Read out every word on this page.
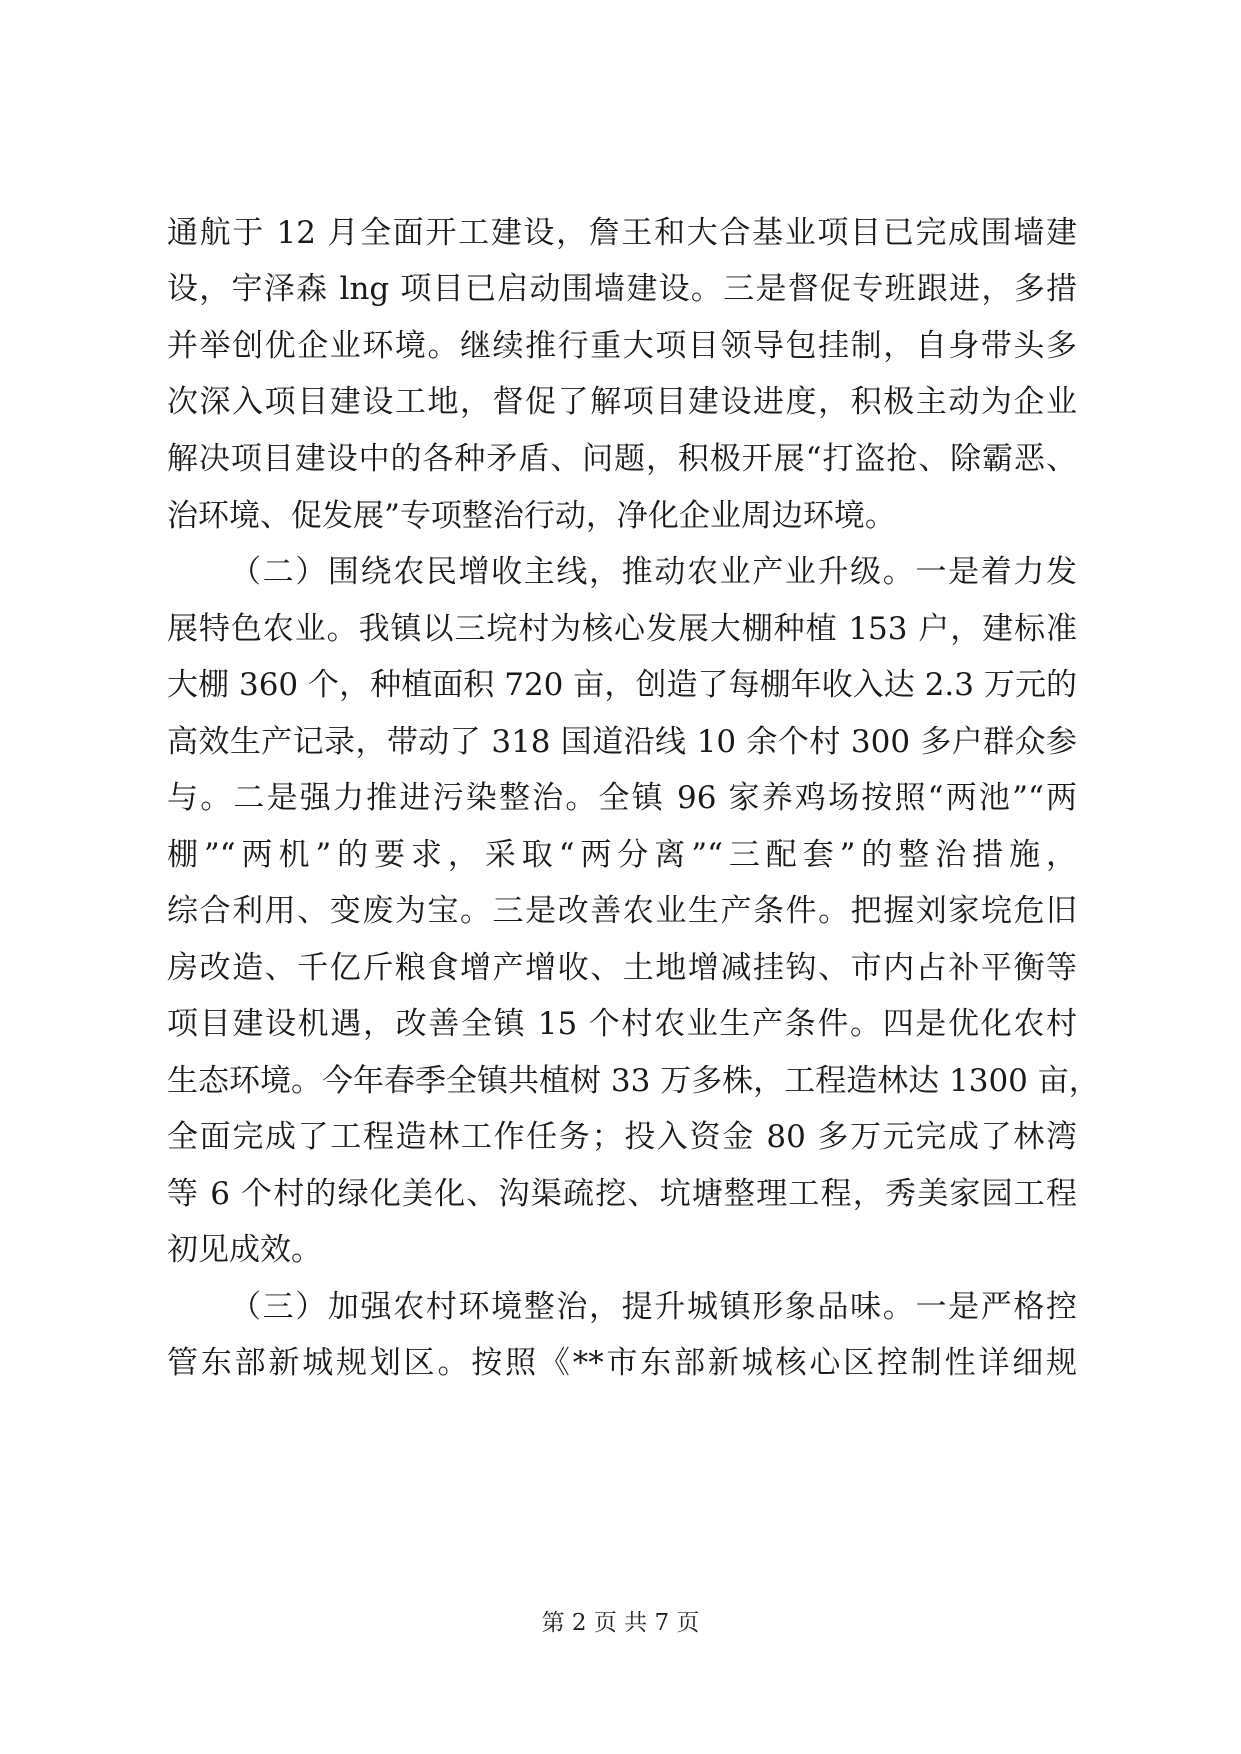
通航于 12 月全面开工建设，詹王和大合基业项目已完成围墙建
设，宇泽森 lng 项目已启动围墙建设。三是督促专班跟进，多措
并举创优企业环境。继续推行重大项目领导包挂制，自身带头多
次深入项目建设工地，督促了解项目建设进度，积极主动为企业
解决项目建设中的各种矛盾、问题，积极开展“打盗抢、除霸恶、
治环境、促发展”专项整治行动，净化企业周边环境。
（二）围绕农民增收主线，推动农业产业升级。一是着力发
展特色农业。我镇以三垸村为核心发展大棚种植 153 户，建标准
大棚 360 个，种植面积 720 亩，创造了每棚年收入达 2.3 万元的
高效生产记录，带动了 318 国道沿线 10 余个村 300 多户群众参
与。二是强力推进污染整治。全镇 96 家养鸡场按照“两池”“两
棚”“两机”的要求，采取“两分离”“三配套”的整治措施，
综合利用、变废为宝。三是改善农业生产条件。把握刘家垸危旧
房改造、千亿斤粮食增产增收、土地增减挂钩、市内占补平衡等
项目建设机遇，改善全镇 15 个村农业生产条件。四是优化农村
生态环境。今年春季全镇共植树 33 万多株，工程造林达 1300 亩，
全面完成了工程造林工作任务；投入资金 80 多万元完成了林湾
等 6 个村的绿化美化、沟渠疏挖、坑塘整理工程，秀美家园工程
初见成效。
（三）加强农村环境整治，提升城镇形象品味。一是严格控
管东部新城规划区。按照《**市东部新城核心区控制性详细规
第 2 页 共 7 页
